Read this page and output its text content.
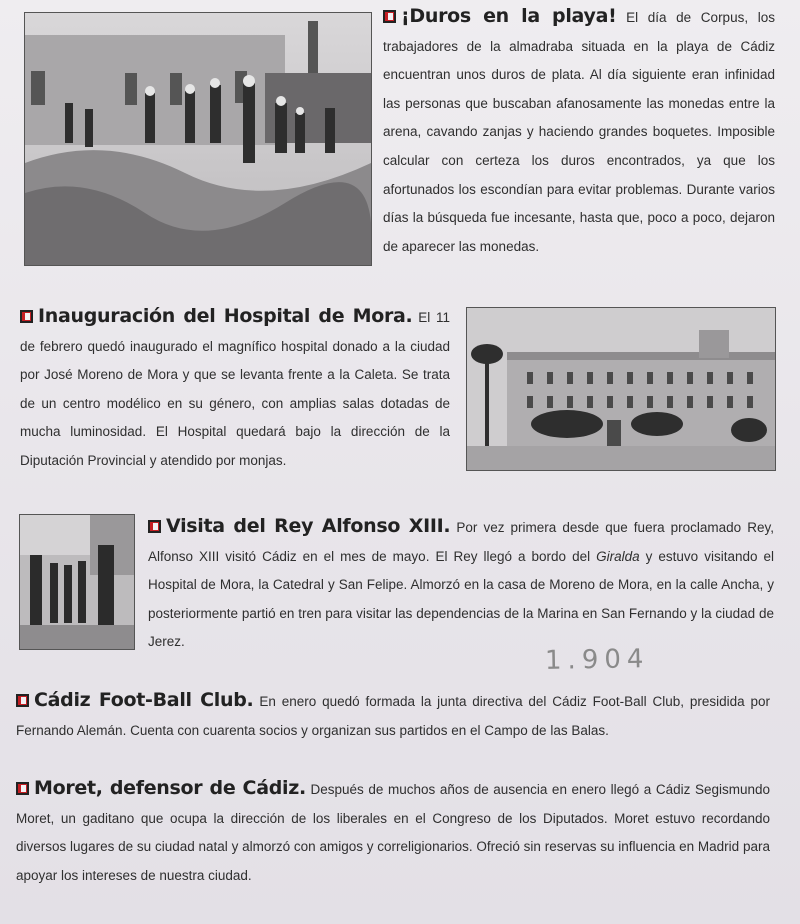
¡Duros en la playa! El día de Corpus, los trabajadores de la almadraba situada en la playa de Cádiz encuentran unos duros de plata. Al día siguiente eran infinidad las personas que buscaban afanosamente las monedas entre la arena, cavando zanjas y haciendo grandes boquetes. Imposible calcular con certeza los duros encontrados, ya que los afortunados los escondían para evitar problemas. Durante varios días la búsqueda fue incesante, hasta que, poco a poco, dejaron de aparecer las monedas.

Inauguración del Hospital de Mora. El 11 de febrero quedó inaugurado el magnífico hospital donado a la ciudad por José Moreno de Mora y que se levanta frente a la Caleta. Se trata de un centro modélico en su género, con amplias salas dotadas de mucha luminosidad. El Hospital quedará bajo la dirección de la Diputación Provincial y atendido por monjas.

Visita del Rey Alfonso XIII. Por vez primera desde que fuera proclamado Rey, Alfonso XIII visitó Cádiz en el mes de mayo. El Rey llegó a bordo del Giralda y estuvo visitando el Hospital de Mora, la Catedral y San Felipe. Almorzó en la casa de Moreno de Mora, en la calle Ancha, y posteriormente partió en tren para visitar las dependencias de la Marina en San Fernando y la ciudad de Jerez.

1.904

Cádiz Foot-Ball Club. En enero quedó formada la junta directiva del Cádiz Foot-Ball Club, presidida por Fernando Alemán. Cuenta con cuarenta socios y organizan sus partidos en el Campo de las Balas.

Moret, defensor de Cádiz. Después de muchos años de ausencia en enero llegó a Cádiz Segismundo Moret, un gaditano que ocupa la dirección de los liberales en el Congreso de los Diputados. Moret estuvo recordando diversos lugares de su ciudad natal y almorzó con amigos y correligionarios. Ofreció sin reservas su influencia en Madrid para apoyar los intereses de nuestra ciudad.
